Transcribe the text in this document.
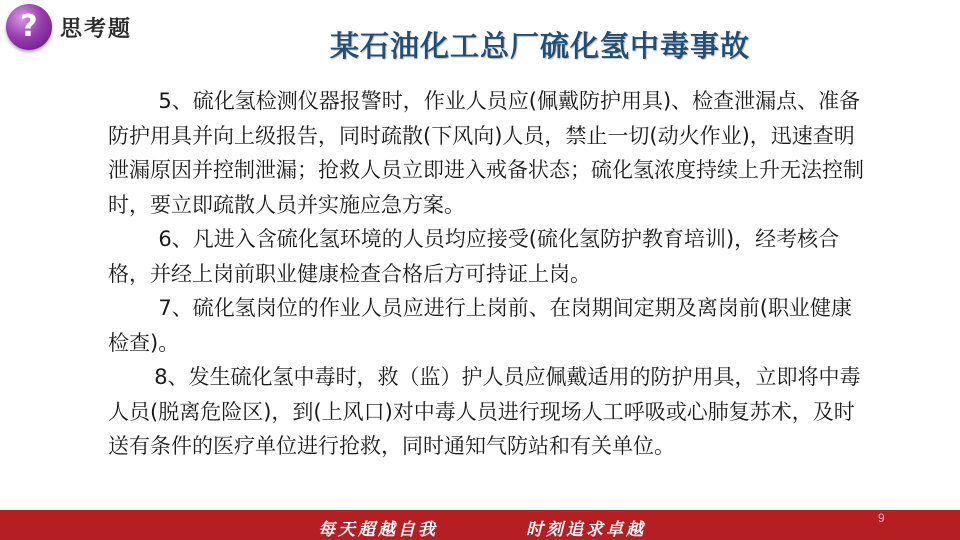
?	思考题	某石油化工总厂硫化氢中毒事故

5、硫化氢检测仪器报警时，作业人员应(佩戴防护用具)、检查泄漏点、准备防护用具并向上级报告，同时疏散(下风向)人员，禁止一切(动火作业)，迅速查明泄漏原因并控制泄漏；抢救人员立即进入戒备状态；硫化氢浓度持续上升无法控制时，要立即疏散人员并实施应急方案。

6、凡进入含硫化氢环境的人员均应接受(硫化氢防护教育培训)，经考核合格，并经上岗前职业健康检查合格后方可持证上岗。

7、硫化氢岗位的作业人员应进行上岗前、在岗期间定期及离岗前(职业健康检查)。

8、发生硫化氢中毒时，救（监）护人员应佩戴适用的防护用具，立即将中毒人员(脱离危险区)，到(上风口)对中毒人员进行现场人工呼吸或心肺复苏术，及时送有条件的医疗单位进行抢救，同时通知气防站和有关单位。

每天超越自我	时刻追求卓越
9
